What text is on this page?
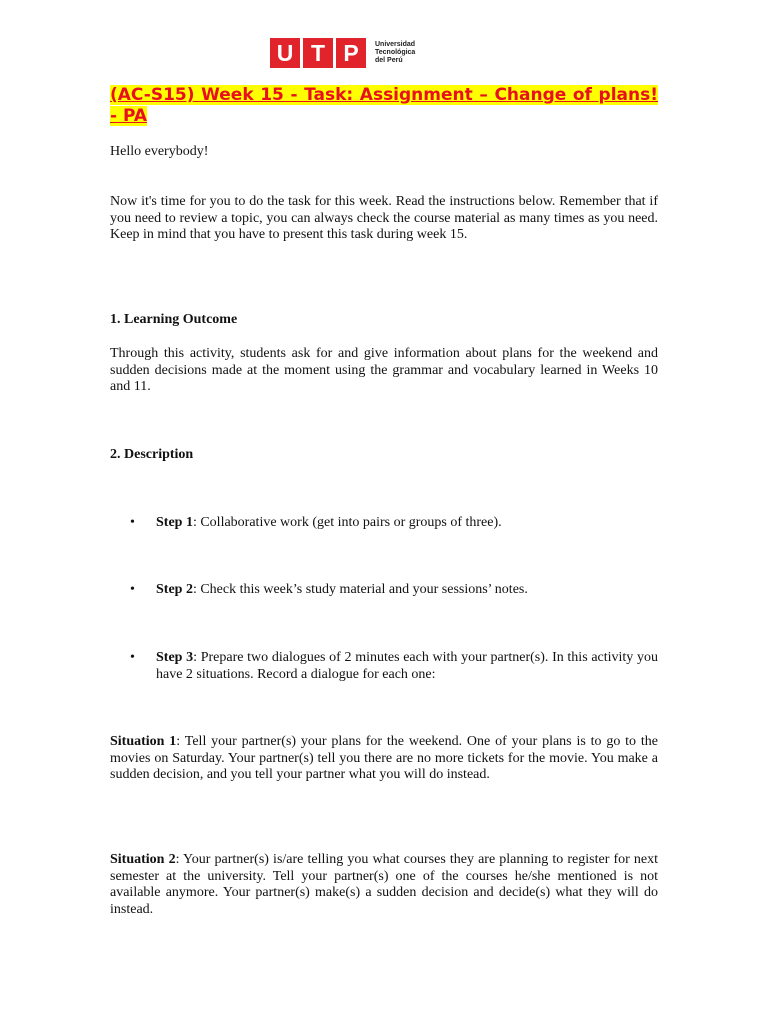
U T P	Universidad
Tecnológica
del Perú
(AC-S15) Week 15 - Task: Assignment – Change of plans! - PA
Hello everybody!
Now it's time for you to do the task for this week. Read the instructions below. Remember that if you need to review a topic, you can always check the course material as many times as you need. Keep in mind that you have to present this task during week 15.
1. Learning Outcome
Through this activity, students ask for and give information about plans for the weekend and sudden decisions made at the moment using the grammar and vocabulary learned in Weeks 10 and 11.
2. Description
•	Step 1: Collaborative work (get into pairs or groups of three).
•	Step 2: Check this week’s study material and your sessions’ notes.
•	Step 3: Prepare two dialogues of 2 minutes each with your partner(s). In this activity you have 2 situations. Record a dialogue for each one:
Situation 1: Tell your partner(s) your plans for the weekend. One of your plans is to go to the movies on Saturday. Your partner(s) tell you there are no more tickets for the movie. You make a sudden decision, and you tell your partner what you will do instead.
Situation 2: Your partner(s) is/are telling you what courses they are planning to register for next semester at the university. Tell your partner(s) one of the courses he/she mentioned is not available anymore. Your partner(s) make(s) a sudden decision and decide(s) what they will do instead.
